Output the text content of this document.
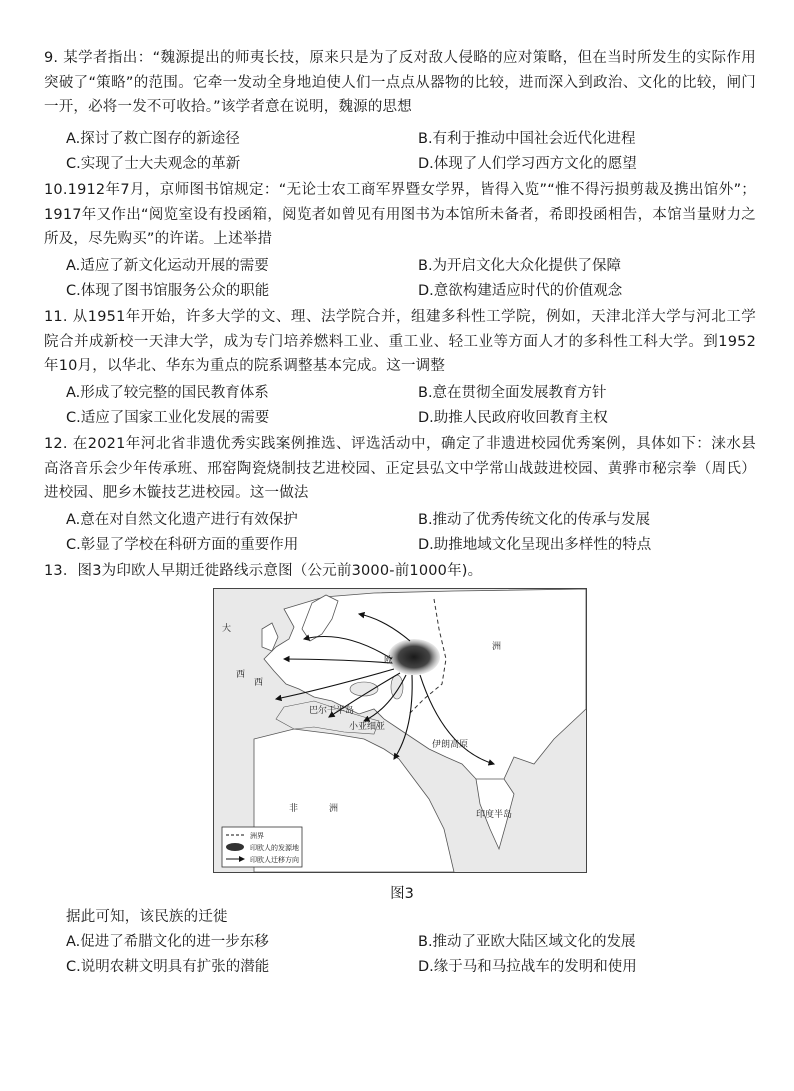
9. 某学者指出：“魏源提出的师夷长技，原来只是为了反对敌人侵略的应对策略，但在当时所发生的实际作用突破了“策略”的范围。它牵一发动全身地迫使人们一点点从器物的比较，进而深入到政治、文化的比较，闸门一开，必将一发不可收拾。”该学者意在说明，魏源的思想

A.探讨了救亡图存的新途径	B.有利于推动中国社会近代化进程
C.实现了士大夫观念的革新	D.体现了人们学习西方文化的愿望

10.1912年7月，京师图书馆规定：“无论士农工商军界暨女学界，皆得入览”“惟不得污损剪裁及携出馆外”；1917年又作出“阅览室设有投函箱，阅览者如曾见有用图书为本馆所未备者，希即投函相告，本馆当量财力之所及，尽先购买”的许诺。上述举措

A.适应了新文化运动开展的需要	B.为开启文化大众化提供了保障
C.体现了图书馆服务公众的职能	D.意欲构建适应时代的价值观念

11. 从1951年开始，许多大学的文、理、法学院合并，组建多科性工学院，例如，天津北洋大学与河北工学院合并成新校一天津大学，成为专门培养燃料工业、重工业、轻工业等方面人才的多科性工科大学。到1952年10月，以华北、华东为重点的院系调整基本完成。这一调整

A.形成了较完整的国民教育体系	B.意在贯彻全面发展教育方针
C.适应了国家工业化发展的需要	D.助推人民政府收回教育主权

12. 在2021年河北省非遗优秀实践案例推选、评选活动中，确定了非遗进校园优秀案例，具体如下：涞水县高洛音乐会少年传承班、邢窑陶瓷烧制技艺进校园、正定县弘文中学常山战鼓进校园、黄骅市秘宗拳（周氏）进校园、肥乡木镟技艺进校园。这一做法

A.意在对自然文化遗产进行有效保护	B.推动了优秀传统文化的传承与发展
C.彰显了学校在科研方面的重要作用	D.助推地域文化呈现出多样性的特点

13．图3为印欧人早期迁徙路线示意图（公元前3000-前1000年)。

大
西
欧
洲
巴尔干半岛
小亚细亚
伊朗高原
非	洲
印度半岛
西
洲界
印欧人的发源地
印欧人迁移方向
图3

据此可知，该民族的迁徙

A.促进了希腊文化的进一步东移	B.推动了亚欧大陆区域文化的发展
C.说明农耕文明具有扩张的潜能	D.缘于马和马拉战车的发明和使用
